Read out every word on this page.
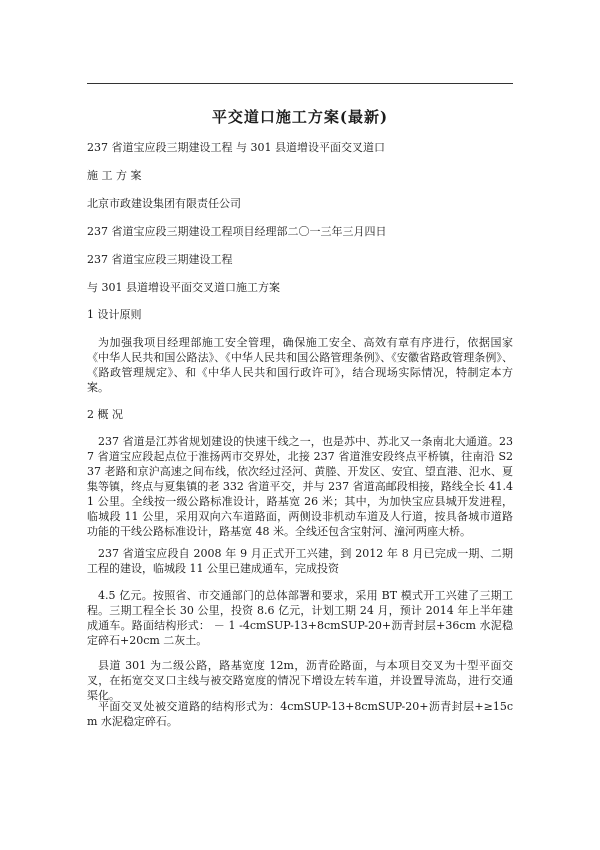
平交道口施工方案(最新)

237 省道宝应段三期建设工程 与 301 县道增设平面交叉道口

施 工 方 案

北京市政建设集团有限责任公司

237 省道宝应段三期建设工程项目经理部二〇一三年三月四日

237 省道宝应段三期建设工程

与 301 县道增设平面交叉道口施工方案

1 设计原则

为加强我项目经理部施工安全管理，确保施工安全、高效有章有序进行，依据国家《中华人民共和国公路法》、《中华人民共和国公路管理条例》、《安徽省路政管理条例》、《路政管理规定》、和《中华人民共和国行政许可》，结合现场实际情况，特制定本方案。

2 概 况

237 省道是江苏省规划建设的快速干线之一，也是苏中、苏北又一条南北大通道。237 省道宝应段起点位于淮扬两市交界处，北接 237 省道淮安段终点平桥镇，往南沿 S237 老路和京沪高速之间布线，依次经过泾河、黄塍、开发区、安宜、望直港、氾水、夏集等镇，终点与夏集镇的老 332 省道平交，并与 237 省道高邮段相接，路线全长 41.41 公里。全线按一级公路标准设计，路基宽 26 米；其中，为加快宝应县城开发进程，临城段 11 公里，采用双向六车道路面，两侧设非机动车道及人行道，按具备城市道路功能的干线公路标准设计，路基宽 48 米。全线还包含宝射河、潼河两座大桥。

237 省道宝应段自 2008 年 9 月正式开工兴建，到 2012 年 8 月已完成一期、二期工程的建设，临城段 11 公里已建成通车，完成投资

4.5 亿元。按照省、市交通部门的总体部署和要求，采用 BT 模式开工兴建了三期工程。三期工程全长 30 公里，投资 8.6 亿元，计划工期 24 月，预计 2014 年上半年建成通车。路面结构形式： － 1 -4cmSUP-13+8cmSUP-20+沥青封层+36cm 水泥稳定碎石+20cm 二灰土。

县道 301 为二级公路，路基宽度 12m，沥青砼路面，与本项目交叉为十型平面交叉，在拓宽交叉口主线与被交路宽度的情况下增设左转车道，并设置导流岛，进行交通渠化。

平面交叉处被交道路的结构形式为：4cmSUP-13+8cmSUP-20+沥青封层+≥15cm 水泥稳定碎石。
